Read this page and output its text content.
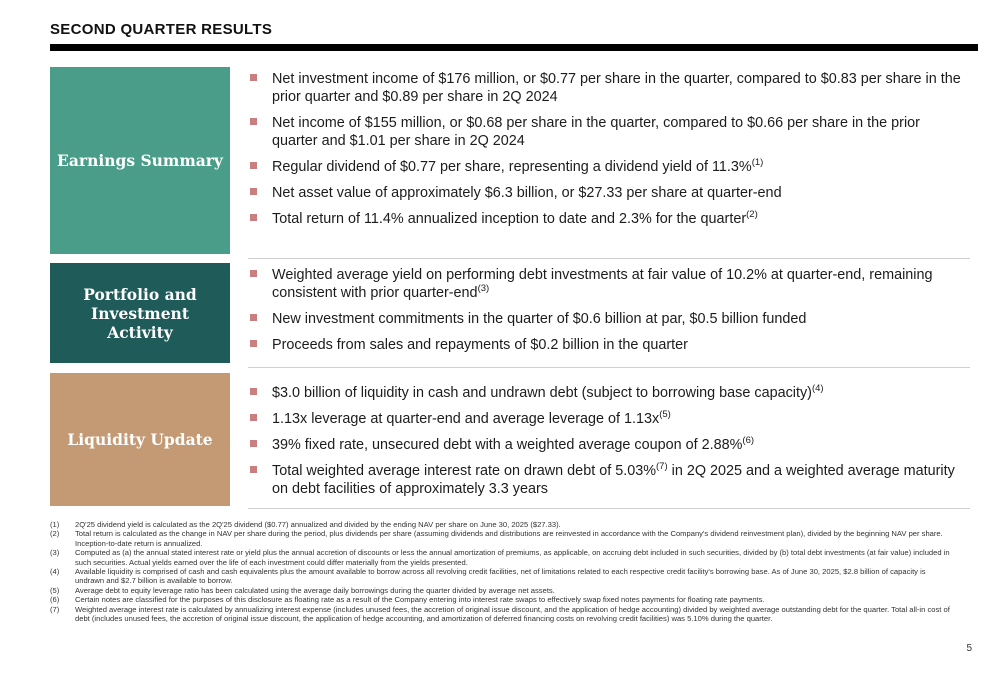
SECOND QUARTER RESULTS
Earnings Summary
Net investment income of $176 million, or $0.77 per share in the quarter, compared to $0.83 per share in the prior quarter and $0.89 per share in 2Q 2024
Net income of $155 million, or $0.68 per share in the quarter, compared to $0.66 per share in the prior quarter and $1.01 per share in 2Q 2024
Regular dividend of $0.77 per share, representing a dividend yield of 11.3%$^{(1)}$
Net asset value of approximately $6.3 billion, or $27.33 per share at quarter-end
Total return of 11.4% annualized inception to date and 2.3% for the quarter$^{(2)}$
Portfolio and Investment Activity
Weighted average yield on performing debt investments at fair value of 10.2% at quarter-end, remaining consistent with prior quarter-end$^{(3)}$
New investment commitments in the quarter of $0.6 billion at par, $0.5 billion funded
Proceeds from sales and repayments of $0.2 billion in the quarter
Liquidity Update
$3.0 billion of liquidity in cash and undrawn debt (subject to borrowing base capacity)$^{(4)}$
1.13x leverage at quarter-end and average leverage of $1.13x^{(5)}$
39% fixed rate, unsecured debt with a weighted average coupon of 2.88%$^{(6)}$
Total weighted average interest rate on drawn debt of 5.03%$^{(7)}$ in 2Q 2025 and a weighted average maturity on debt facilities of approximately 3.3 years
(1) 2Q'25 dividend yield is calculated as the 2Q'25 dividend ($0.77) annualized and divided by the ending NAV per share on June 30, 2025 ($27.33).
(2) Total return is calculated as the change in NAV per share during the period, plus dividends per share (assuming dividends and distributions are reinvested in accordance with the Company's dividend reinvestment plan), divided by the beginning NAV per share. Inception-to-date return is annualized.
(3) Computed as (a) the annual stated interest rate or yield plus the annual accretion of discounts or less the annual amortization of premiums, as applicable, on accruing debt included in such securities, divided by (b) total debt investments (at fair value) included in such securities. Actual yields earned over the life of each investment could differ materially from the yields presented.
(4) Available liquidity is comprised of cash and cash equivalents plus the amount available to borrow across all revolving credit facilities, net of limitations related to each respective credit facility's borrowing base. As of June 30, 2025, $2.8 billion of capacity is undrawn and $2.7 billion is available to borrow.
(5) Average debt to equity leverage ratio has been calculated using the average daily borrowings during the quarter divided by average net assets.
(6) Certain notes are classified for the purposes of this disclosure as floating rate as a result of the Company entering into interest rate swaps to effectively swap fixed notes payments for floating rate payments.
(7) Weighted average interest rate is calculated by annualizing interest expense (includes unused fees, the accretion of original issue discount, and the application of hedge accounting) divided by weighted average outstanding debt for the quarter. Total all-in cost of debt (includes unused fees, the accretion of original issue discount, the application of hedge accounting, and amortization of deferred financing costs on revolving credit facilities) was 5.10% during the quarter.
5
